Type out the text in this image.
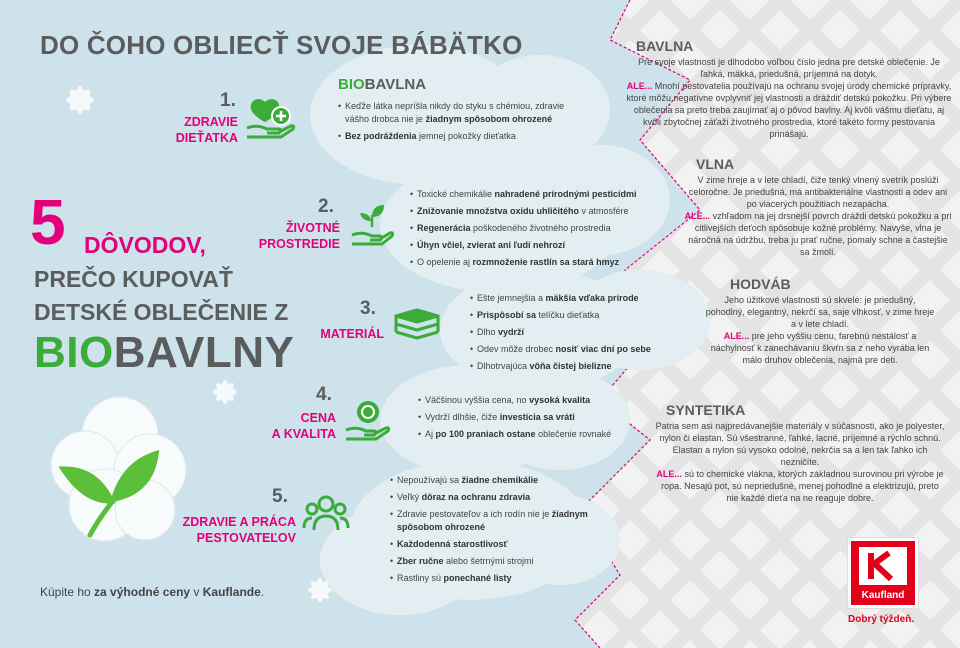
DO ČOHO OBLIECŤ SVOJE BÁBÄTKO
5 DÔVODOV,
PREČO KUPOVAŤ
DETSKÉ OBLEČENIE Z
BIOBAVLNY
BIOBAVLNA
1.
ZDRAVIE
DIEŤATKA
• Keďže látka nepríšla nikdy do styku s chémiou, zdravie vášho drobca nie je žiadnym spôsobom ohrozené
• Bez podráždenia jemnej pokožky dieťatka
2.
ŽIVOTNÉ
PROSTREDIE
• Toxické chemikálie nahradené prírodnými pesticídmi
• Znižovanie množstva oxidu uhličitého v atmosfére
• Regenerácia poškodeného životného prostredia
• Úhyn včiel, zvierat ani ľudí nehrozí
• O opelenie aj rozmnoženie rastlín sa stará hmyz
3.
MATERIÁL
• Ešte jemnejšia a mäkšia vďaka prírode
• Prispôsobí sa telíčku dieťatka
• Dlho vydrží
• Odev môže drobec nosiť viac dní po sebe
• Dlhotrvajúca vôňa čistej bielizne
4.
CENA
A KVALITA
• Väčšinou vyššia cena, no vysoká kvalita
• Vydrží dlhšie, čiže investícia sa vráti
• Aj po 100 praniach ostane oblečenie rovnaké
5.
ZDRAVIE A PRÁCA
PESTOVATEĽOV
• Nepoužívajú sa žiadne chemikálie
• Veľký dôraz na ochranu zdravia
• Zdravie pestovateľov a ich rodín nie je žiadnym spôsobom ohrozené
• Každodenná starostlivosť
• Zber ručne alebo šetrnými strojmi
• Rastliny sú ponechané listy
Kúpite ho za výhodné ceny v Kauflande.
BAVLNA
Pre svoje vlastnosti je dlhodobo voľbou číslo jedna pre detské oblečenie. Je ľahká, mäkká, priedušná, príjemná na dotyk.
ALE... Mnohí pestovatelia používajú na ochranu svojej úrody chemické prípravky, ktoré môžu negatívne ovplyvniť jej vlastnosti a dráždiť detskú pokožku. Pri výbere oblečenia sa preto treba zaujímať aj o pôvod bavlny. Aj kvôli vášmu dieťatu, aj kvôli zbytočnej záťaži životného prostredia, ktoré takéto formy pestovania prinášajú.
VLNA
V zime hreje a v lete chladí, čiže tenký vlnený svetrík poslúži celoročne. Je priedušná, má antibakteriálne vlastnosti a odev ani po viacerých použitiach nezapácha.
ALE... vzhľadom na jej drsnejší povrch dráždi detskú pokožku a pri citlivejších deťoch spôsobuje kožné problémy. Navyše, vlna je náročná na údržbu, treba ju prať ručne, pomaly schne a častejšie sa žmolí.
HODVÁB
Jeho úžitkové vlastnosti sú skvelé: je priedušný, pohodlný, elegantný, nekrčí sa, saje vlhkosť, v zime hreje a v lete chladí.
ALE... pre jeho vyššiu cenu, farebnú nestálosť a náchylnosť k zanechávaniu škvŕn sa z neho vyrába len málo druhov oblečenia, najmä pre deti.
SYNTETIKA
Patria sem asi najpredávanejšie materiály v súčasnosti, ako je polyester, nylon či elastan. Sú všestranné, ľahké, lacné, príjemné a rýchlo schnú. Elastan a nylon sú vysoko odolné, nekrčia sa a len tak ľahko ich nezničíte.
ALE... sú to chemické vlákna, ktorých základnou surovinou pri výrobe je ropa. Nesajú pot, sú nepriedušné, menej pohodlné a elektrizujú, preto nie každé dieťa na ne reaguje dobre.
Kaufland
Dobrý týždeň.
